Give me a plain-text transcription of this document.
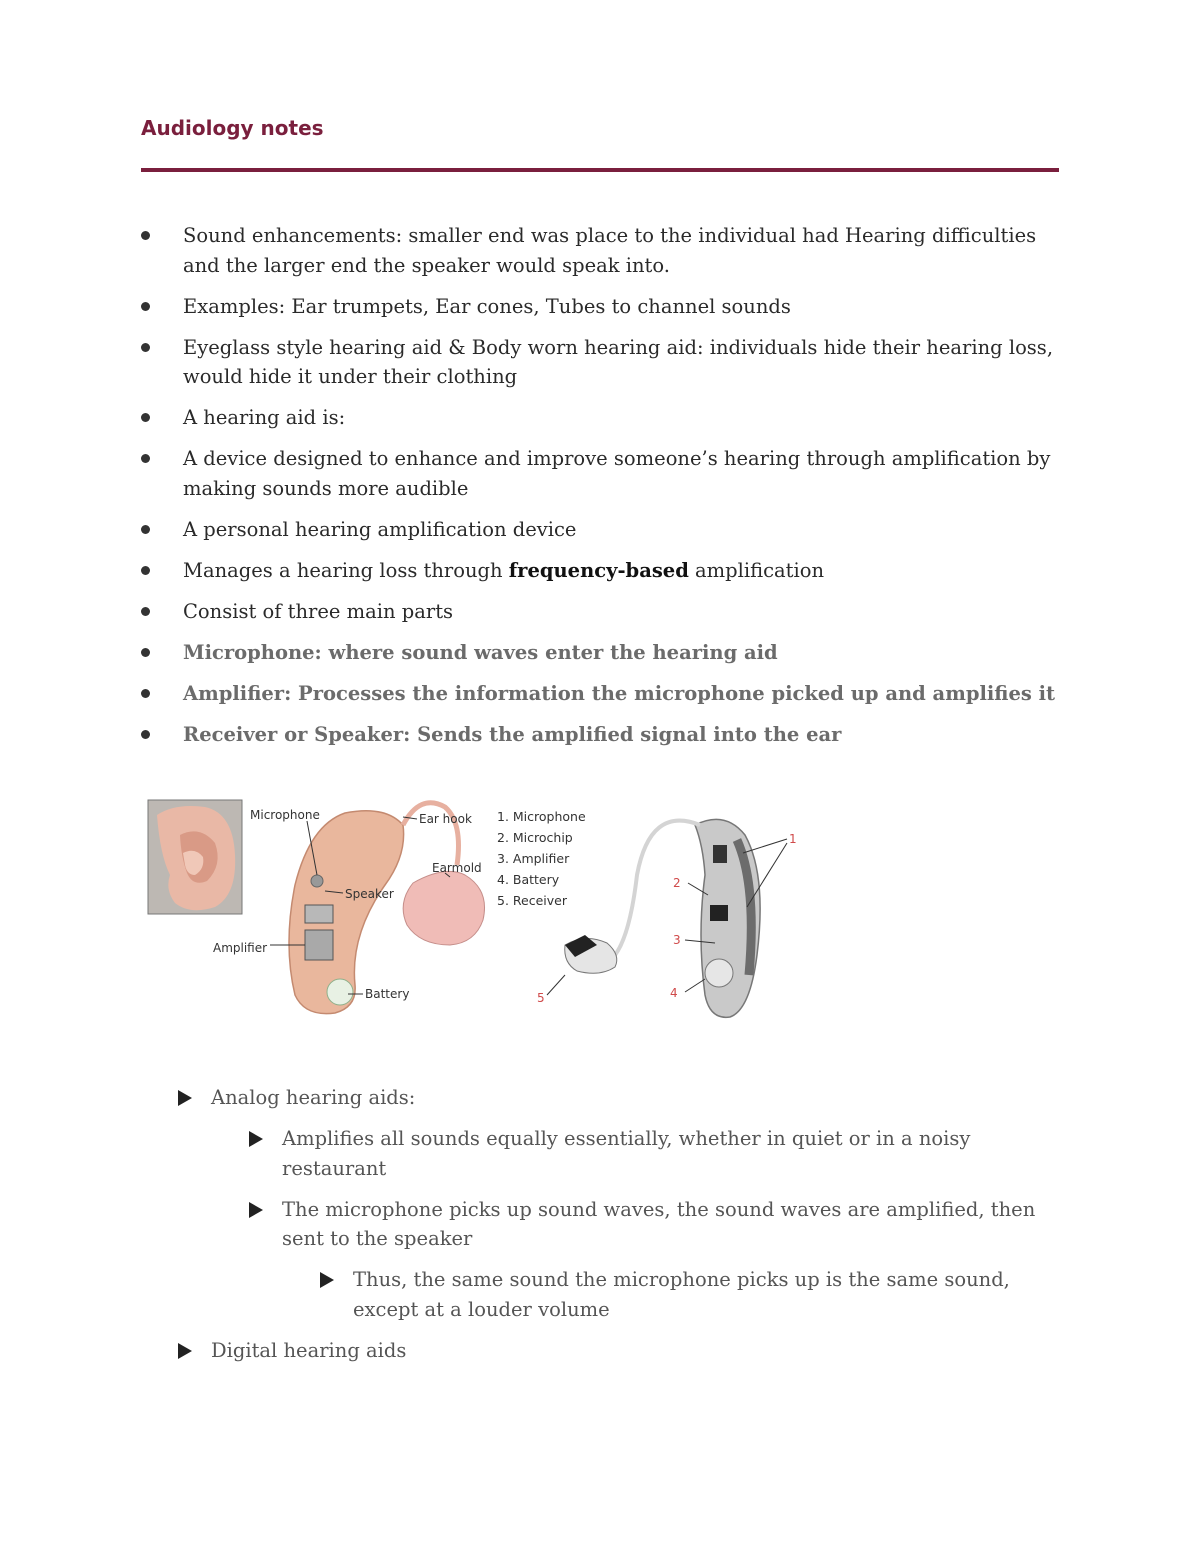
Audiology notes
Sound enhancements: smaller end was place to the individual had Hearing difficulties and the larger end the speaker would speak into.
Examples: Ear trumpets, Ear cones, Tubes to channel sounds
Eyeglass style hearing aid & Body worn hearing aid: individuals hide their hearing loss, would hide it under their clothing
A hearing aid is:
A device designed to enhance and improve someone’s hearing through amplification by making sounds more audible
A personal hearing amplification device
Manages a hearing loss through frequency-based amplification
Consist of three main parts
Microphone: where sound waves enter the hearing aid
Amplifier: Processes the information the microphone picked up and amplifies it
Receiver or Speaker: Sends the amplified signal into the ear
Microphone	Ear hook
Earmold
Speaker
Amplifier
Battery
1. Microphone
2. Microchip
3. Amplifier
4. Battery
5. Receiver
1
2
3
4
5
Analog hearing aids:
Amplifies all sounds equally essentially, whether in quiet or in a noisy restaurant
The microphone picks up sound waves, the sound waves are amplified, then sent to the speaker
Thus, the same sound the microphone picks up is the same sound, except at a louder volume
Digital hearing aids
